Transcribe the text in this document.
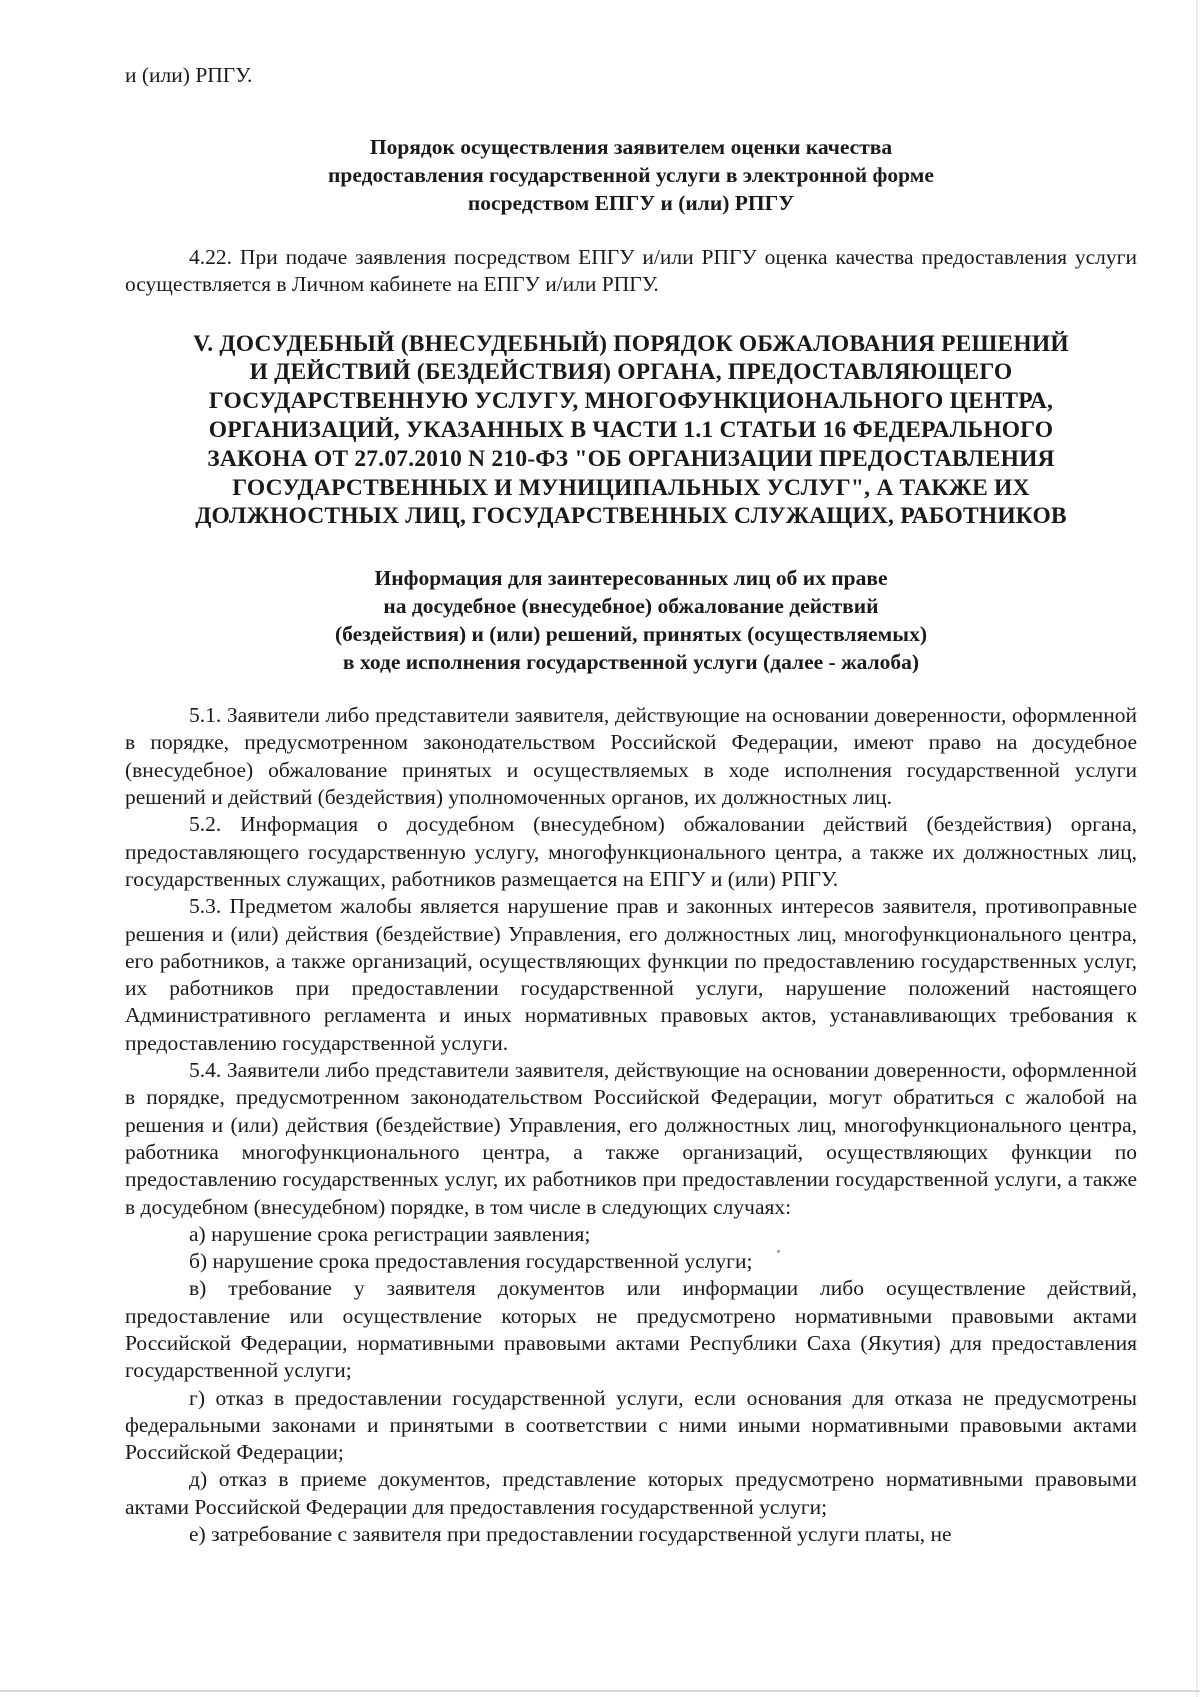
и (или) РПГУ.

Порядок осуществления заявителем оценки качества
предоставления государственной услуги в электронной форме
посредством ЕПГУ и (или) РПГУ

4.22. При подаче заявления посредством ЕПГУ и/или РПГУ оценка качества предоставления услуги осуществляется в Личном кабинете на ЕПГУ и/или РПГУ.

V. ДОСУДЕБНЫЙ (ВНЕСУДЕБНЫЙ) ПОРЯДОК ОБЖАЛОВАНИЯ РЕШЕНИЙ
И ДЕЙСТВИЙ (БЕЗДЕЙСТВИЯ) ОРГАНА, ПРЕДОСТАВЛЯЮЩЕГО
ГОСУДАРСТВЕННУЮ УСЛУГУ, МНОГОФУНКЦИОНАЛЬНОГО ЦЕНТРА,
ОРГАНИЗАЦИЙ, УКАЗАННЫХ В ЧАСТИ 1.1 СТАТЬИ 16 ФЕДЕРАЛЬНОГО
ЗАКОНА ОТ 27.07.2010 N 210-ФЗ "ОБ ОРГАНИЗАЦИИ ПРЕДОСТАВЛЕНИЯ
ГОСУДАРСТВЕННЫХ И МУНИЦИПАЛЬНЫХ УСЛУГ", А ТАКЖЕ ИХ
ДОЛЖНОСТНЫХ ЛИЦ, ГОСУДАРСТВЕННЫХ СЛУЖАЩИХ, РАБОТНИКОВ
Информация для заинтересованных лиц об их праве
на досудебное (внесудебное) обжалование действий
(бездействия) и (или) решений, принятых (осуществляемых)
в ходе исполнения государственной услуги (далее - жалоба)

5.1. Заявители либо представители заявителя, действующие на основании доверенности, оформленной в порядке, предусмотренном законодательством Российской Федерации, имеют право на досудебное (внесудебное) обжалование принятых и осуществляемых в ходе исполнения государственной услуги решений и действий (бездействия) уполномоченных органов, их должностных лиц.

5.2. Информация о досудебном (внесудебном) обжаловании действий (бездействия) органа, предоставляющего государственную услугу, многофункционального центра, а также их должностных лиц, государственных служащих, работников размещается на ЕПГУ и (или) РПГУ.

5.3. Предметом жалобы является нарушение прав и законных интересов заявителя, противоправные решения и (или) действия (бездействие) Управления, его должностных лиц, многофункционального центра, его работников, а также организаций, осуществляющих функции по предоставлению государственных услуг, их работников при предоставлении государственной услуги, нарушение положений настоящего Административного регламента и иных нормативных правовых актов, устанавливающих требования к предоставлению государственной услуги.

5.4. Заявители либо представители заявителя, действующие на основании доверенности, оформленной в порядке, предусмотренном законодательством Российской Федерации, могут обратиться с жалобой на решения и (или) действия (бездействие) Управления, его должностных лиц, многофункционального центра, работника многофункционального центра, а также организаций, осуществляющих функции по предоставлению государственных услуг, их работников при предоставлении государственной услуги, а также в досудебном (внесудебном) порядке, в том числе в следующих случаях:

а) нарушение срока регистрации заявления;

б) нарушение срока предоставления государственной услуги;

в) требование у заявителя документов или информации либо осуществление действий, предоставление или осуществление которых не предусмотрено нормативными правовыми актами Российской Федерации, нормативными правовыми актами Республики Саха (Якутия) для предоставления государственной услуги;

г) отказ в предоставлении государственной услуги, если основания для отказа не предусмотрены федеральными законами и принятыми в соответствии с ними иными нормативными правовыми актами Российской Федерации;

д) отказ в приеме документов, представление которых предусмотрено нормативными правовыми актами Российской Федерации для предоставления государственной услуги;

е) затребование с заявителя при предоставлении государственной услуги платы, не
